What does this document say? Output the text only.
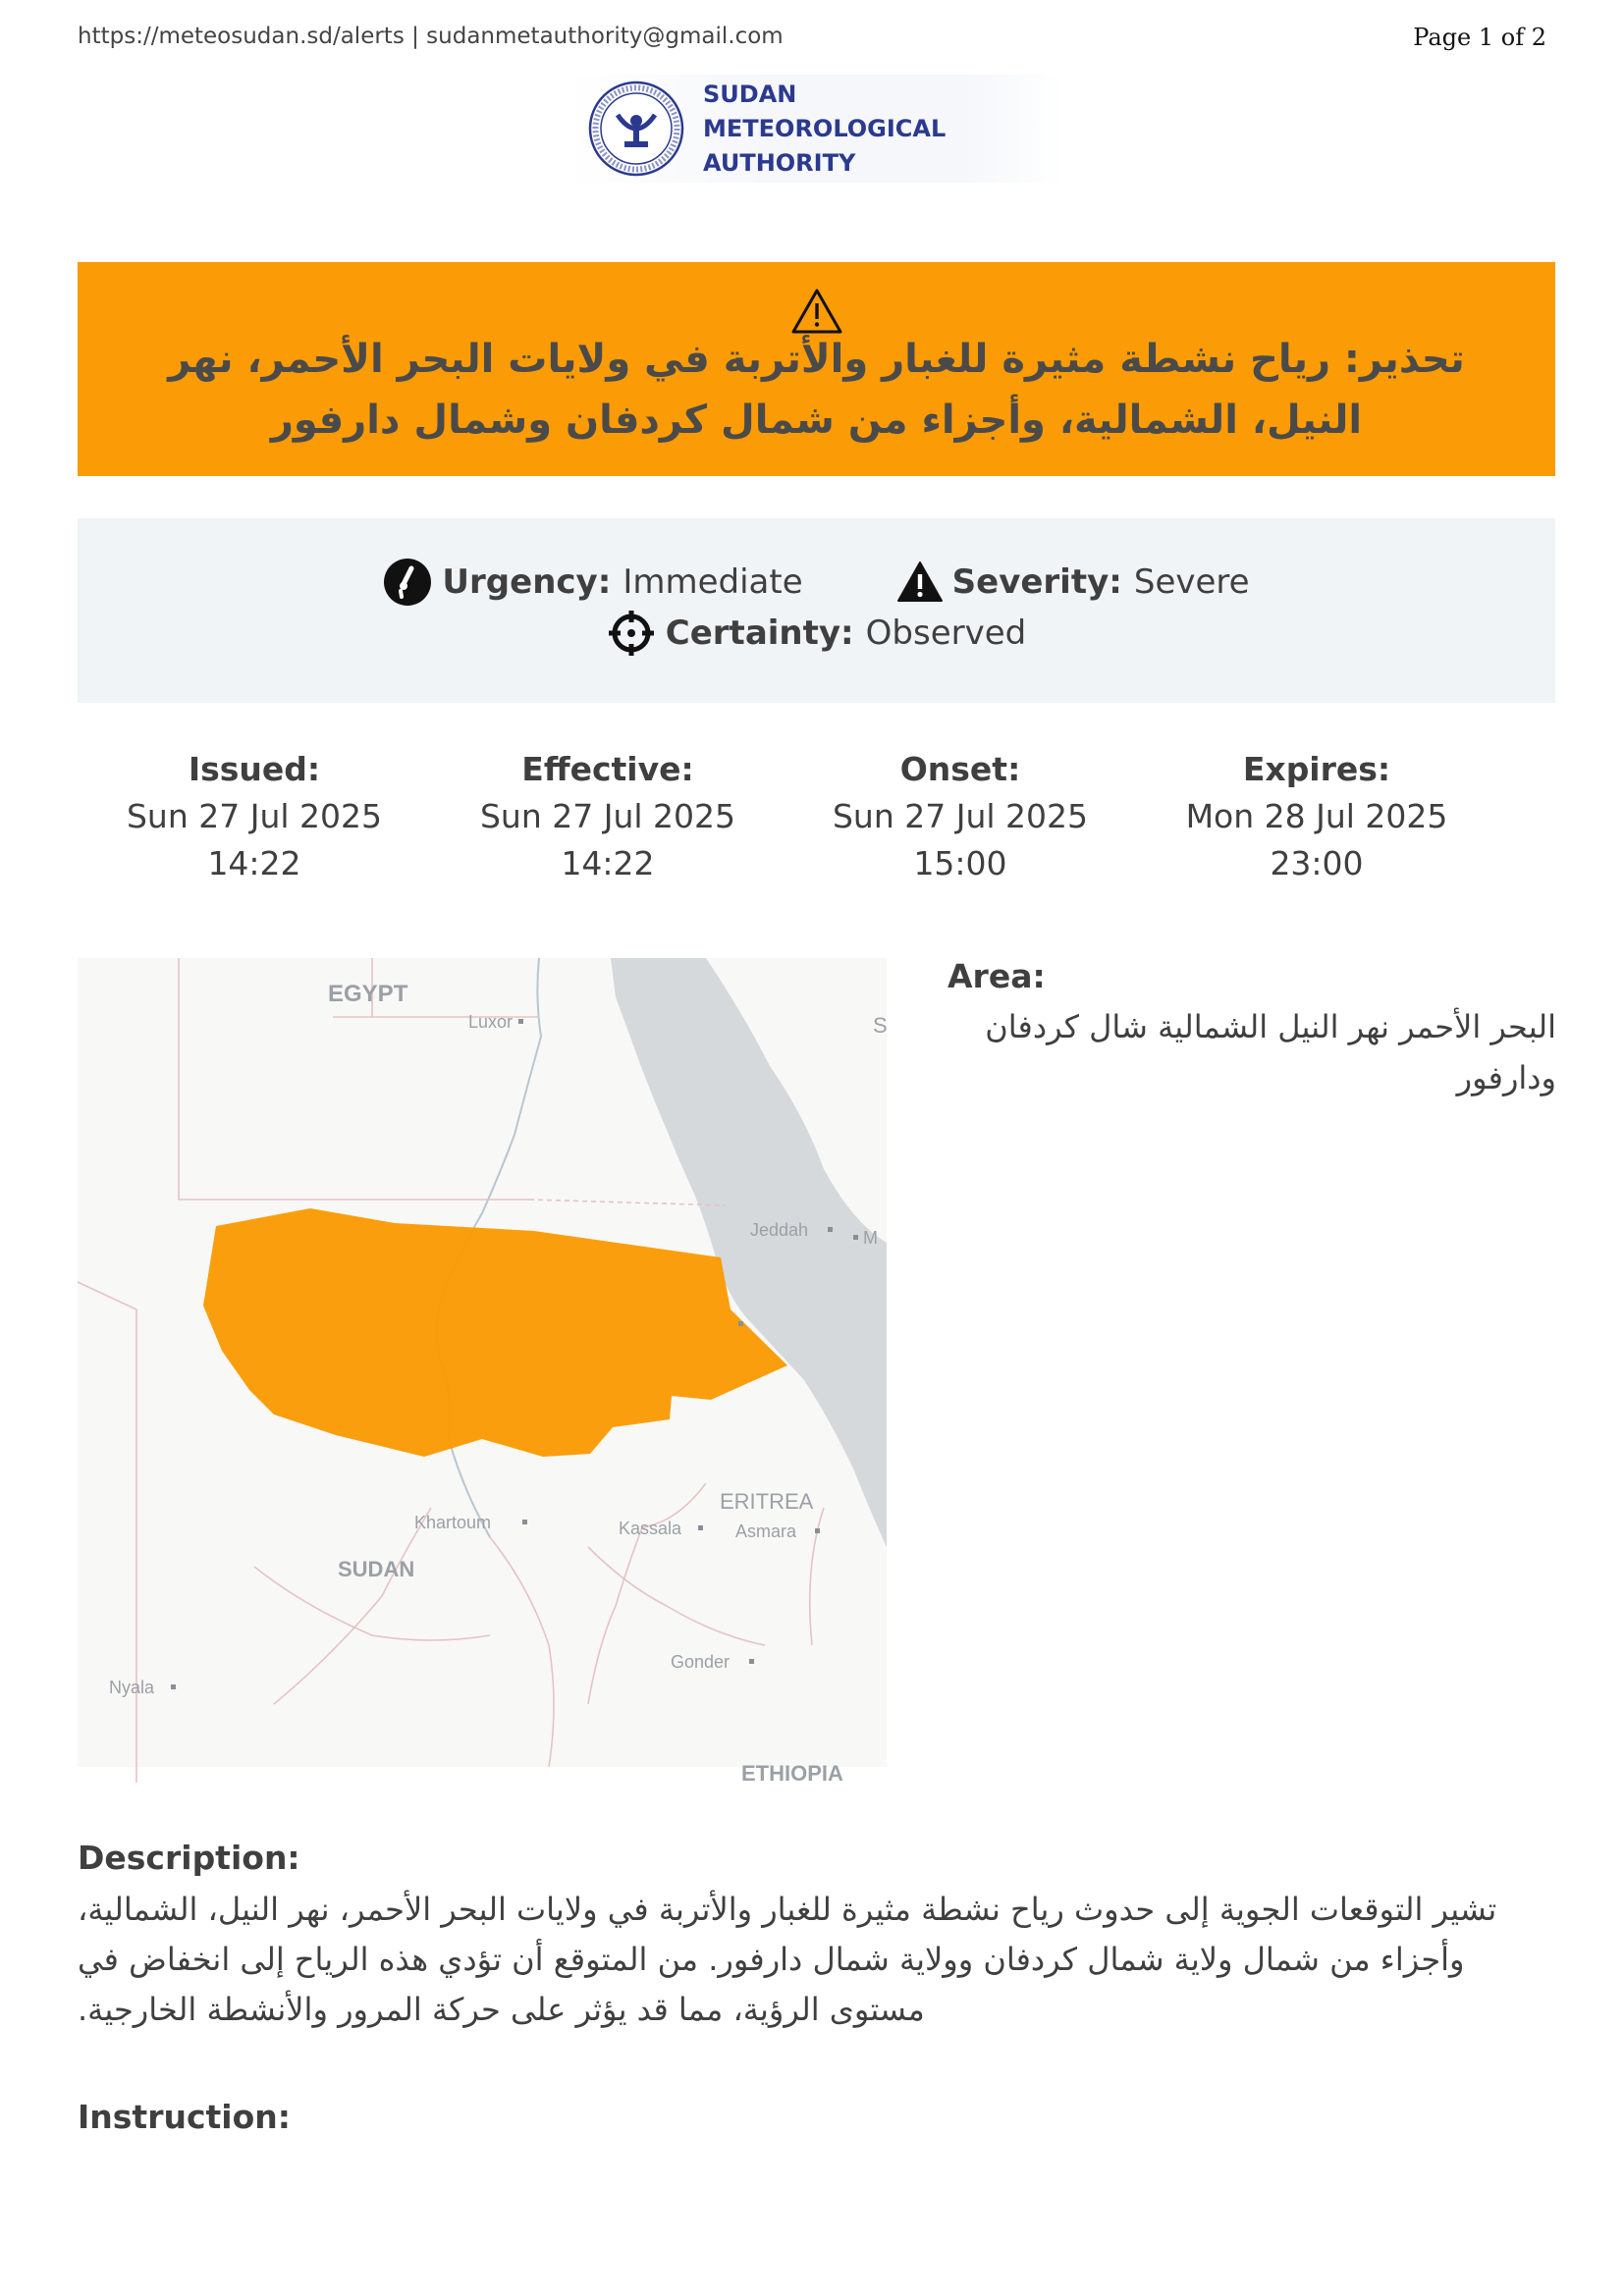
https://meteosudan.sd/alerts | sudanmetauthority@gmail.com	Page 1 of 2
SUDAN
METEOROLOGICAL
AUTHORITY
تحذير: رياح نشطة مثيرة للغبار والأتربة في ولايات البحر الأحمر، نهر النيل، الشمالية، وأجزاء من شمال كردفان وشمال دارفور
Urgency: Immediate	Severity: Severe
Certainty: Observed
Issued:
Sun 27 Jul 2025
14:22
Effective:
Sun 27 Jul 2025
14:22
Onset:
Sun 27 Jul 2025
15:00
Expires:
Mon 28 Jul 2025
23:00
EGYPT
Luxor	S
Jeddah	M
ERITREA
Khartoum	Kassala	Asmara
SUDAN
Gonder
Nyala
ETHIOPIA
Area:
البحر الأحمر نهر النيل الشمالية شال كردفان ودارفور
Description:
تشير التوقعات الجوية إلى حدوث رياح نشطة مثيرة للغبار والأتربة في ولايات البحر الأحمر، نهر النيل، الشمالية، وأجزاء من شمال ولاية شمال كردفان وولاية شمال دارفور. من المتوقع أن تؤدي هذه الرياح إلى انخفاض في مستوى الرؤية، مما قد يؤثر على حركة المرور والأنشطة الخارجية.
Instruction:
